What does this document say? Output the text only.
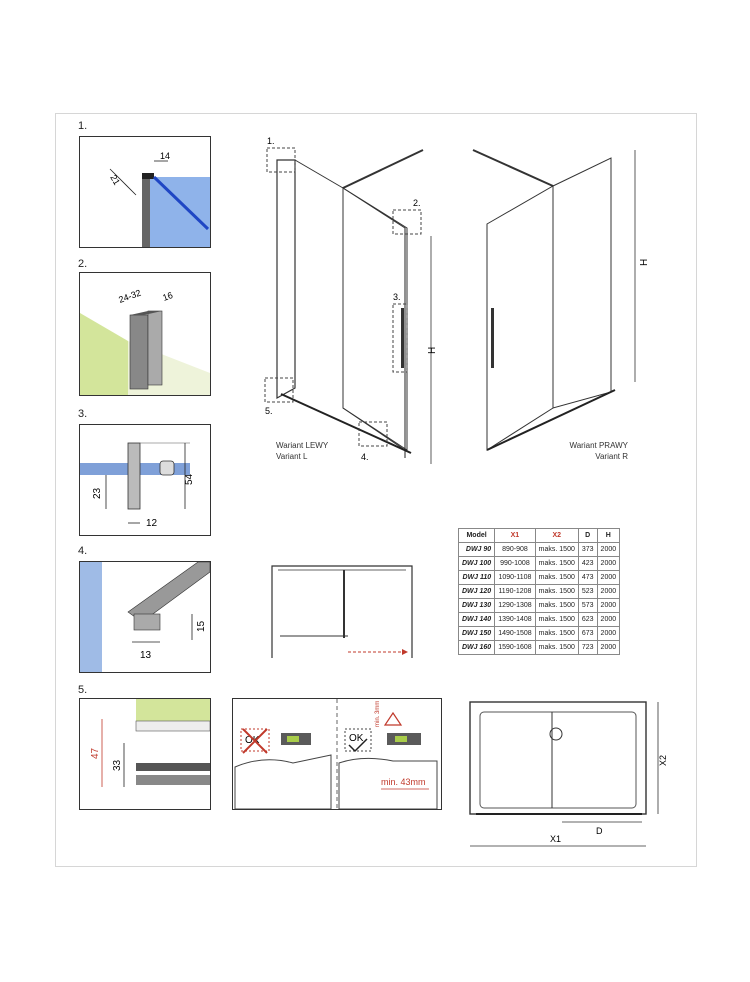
1.
2.
3.
4.
5.
14
21
24-32 16
54
23
12
15
13
47
33
1.
2.
3.
4.
5.
H
H
Wariant LEWY
Variant L
Wariant PRAWY
Variant R
Model	X1	X2	D	H
DWJ 90	890-908	maks. 1500	373	2000
DWJ 100	990-1008	maks. 1500	423	2000
DWJ 110	1090-1108	maks. 1500	473	2000
DWJ 120	1190-1208	maks. 1500	523	2000
DWJ 130	1290-1308	maks. 1500	573	2000
DWJ 140	1390-1408	maks. 1500	623	2000
DWJ 150	1490-1508	maks. 1500	673	2000
DWJ 160	1590-1608	maks. 1500	723	2000
OK	OK
min. 43mm
min. 3mm
X2
D
X1
